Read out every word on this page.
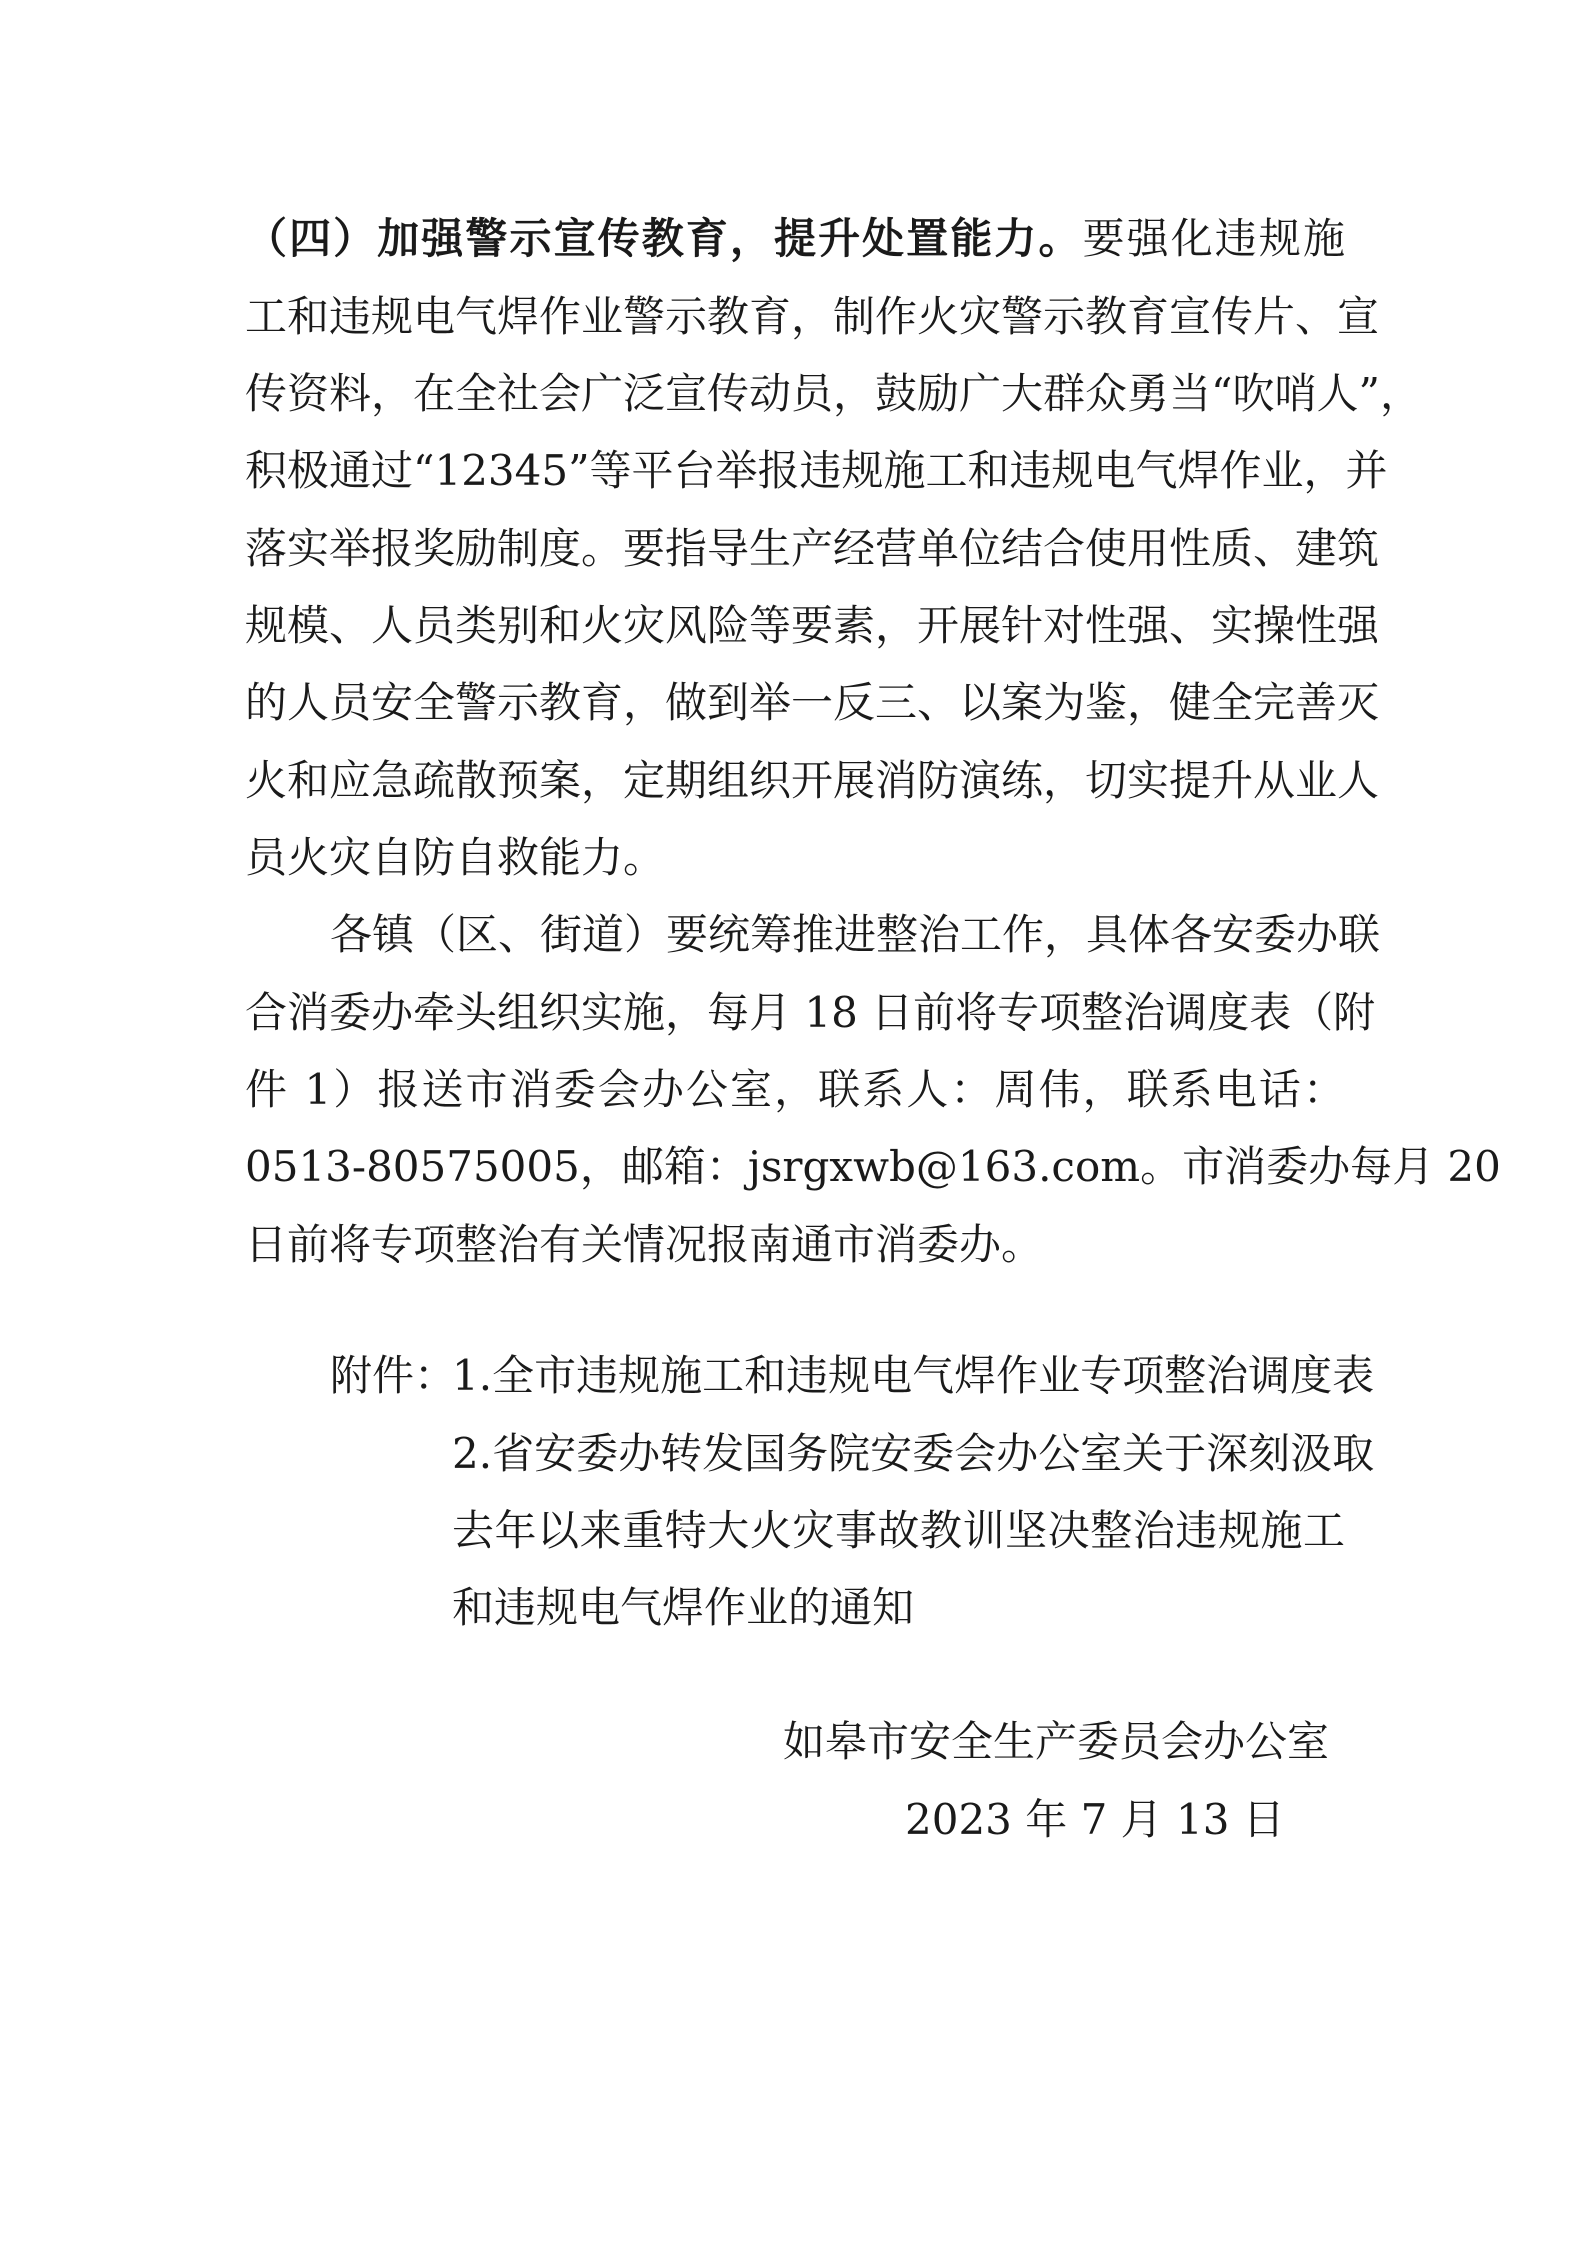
（四）加强警示宣传教育，提升处置能力。要强化违规施
工和违规电气焊作业警示教育，制作火灾警示教育宣传片、宣
传资料，在全社会广泛宣传动员，鼓励广大群众勇当“吹哨人”，
积极通过“12345”等平台举报违规施工和违规电气焊作业，并
落实举报奖励制度。要指导生产经营单位结合使用性质、建筑
规模、人员类别和火灾风险等要素，开展针对性强、实操性强
的人员安全警示教育，做到举一反三、以案为鉴，健全完善灭
火和应急疏散预案，定期组织开展消防演练，切实提升从业人
员火灾自防自救能力。
各镇（区、街道）要统筹推进整治工作，具体各安委办联
合消委办牵头组织实施，每月 18 日前将专项整治调度表（附
件 1）报送市消委会办公室，联系人：周伟，联系电话：
0513-80575005，邮箱：jsrgxwb@163.com。市消委办每月 20
日前将专项整治有关情况报南通市消委办。
附件：
1.全市违规施工和违规电气焊作业专项整治调度表
2.省安委办转发国务院安委会办公室关于深刻汲取
去年以来重特大火灾事故教训坚决整治违规施工
和违规电气焊作业的通知
如皋市安全生产委员会办公室
2023 年 7 月 13 日
